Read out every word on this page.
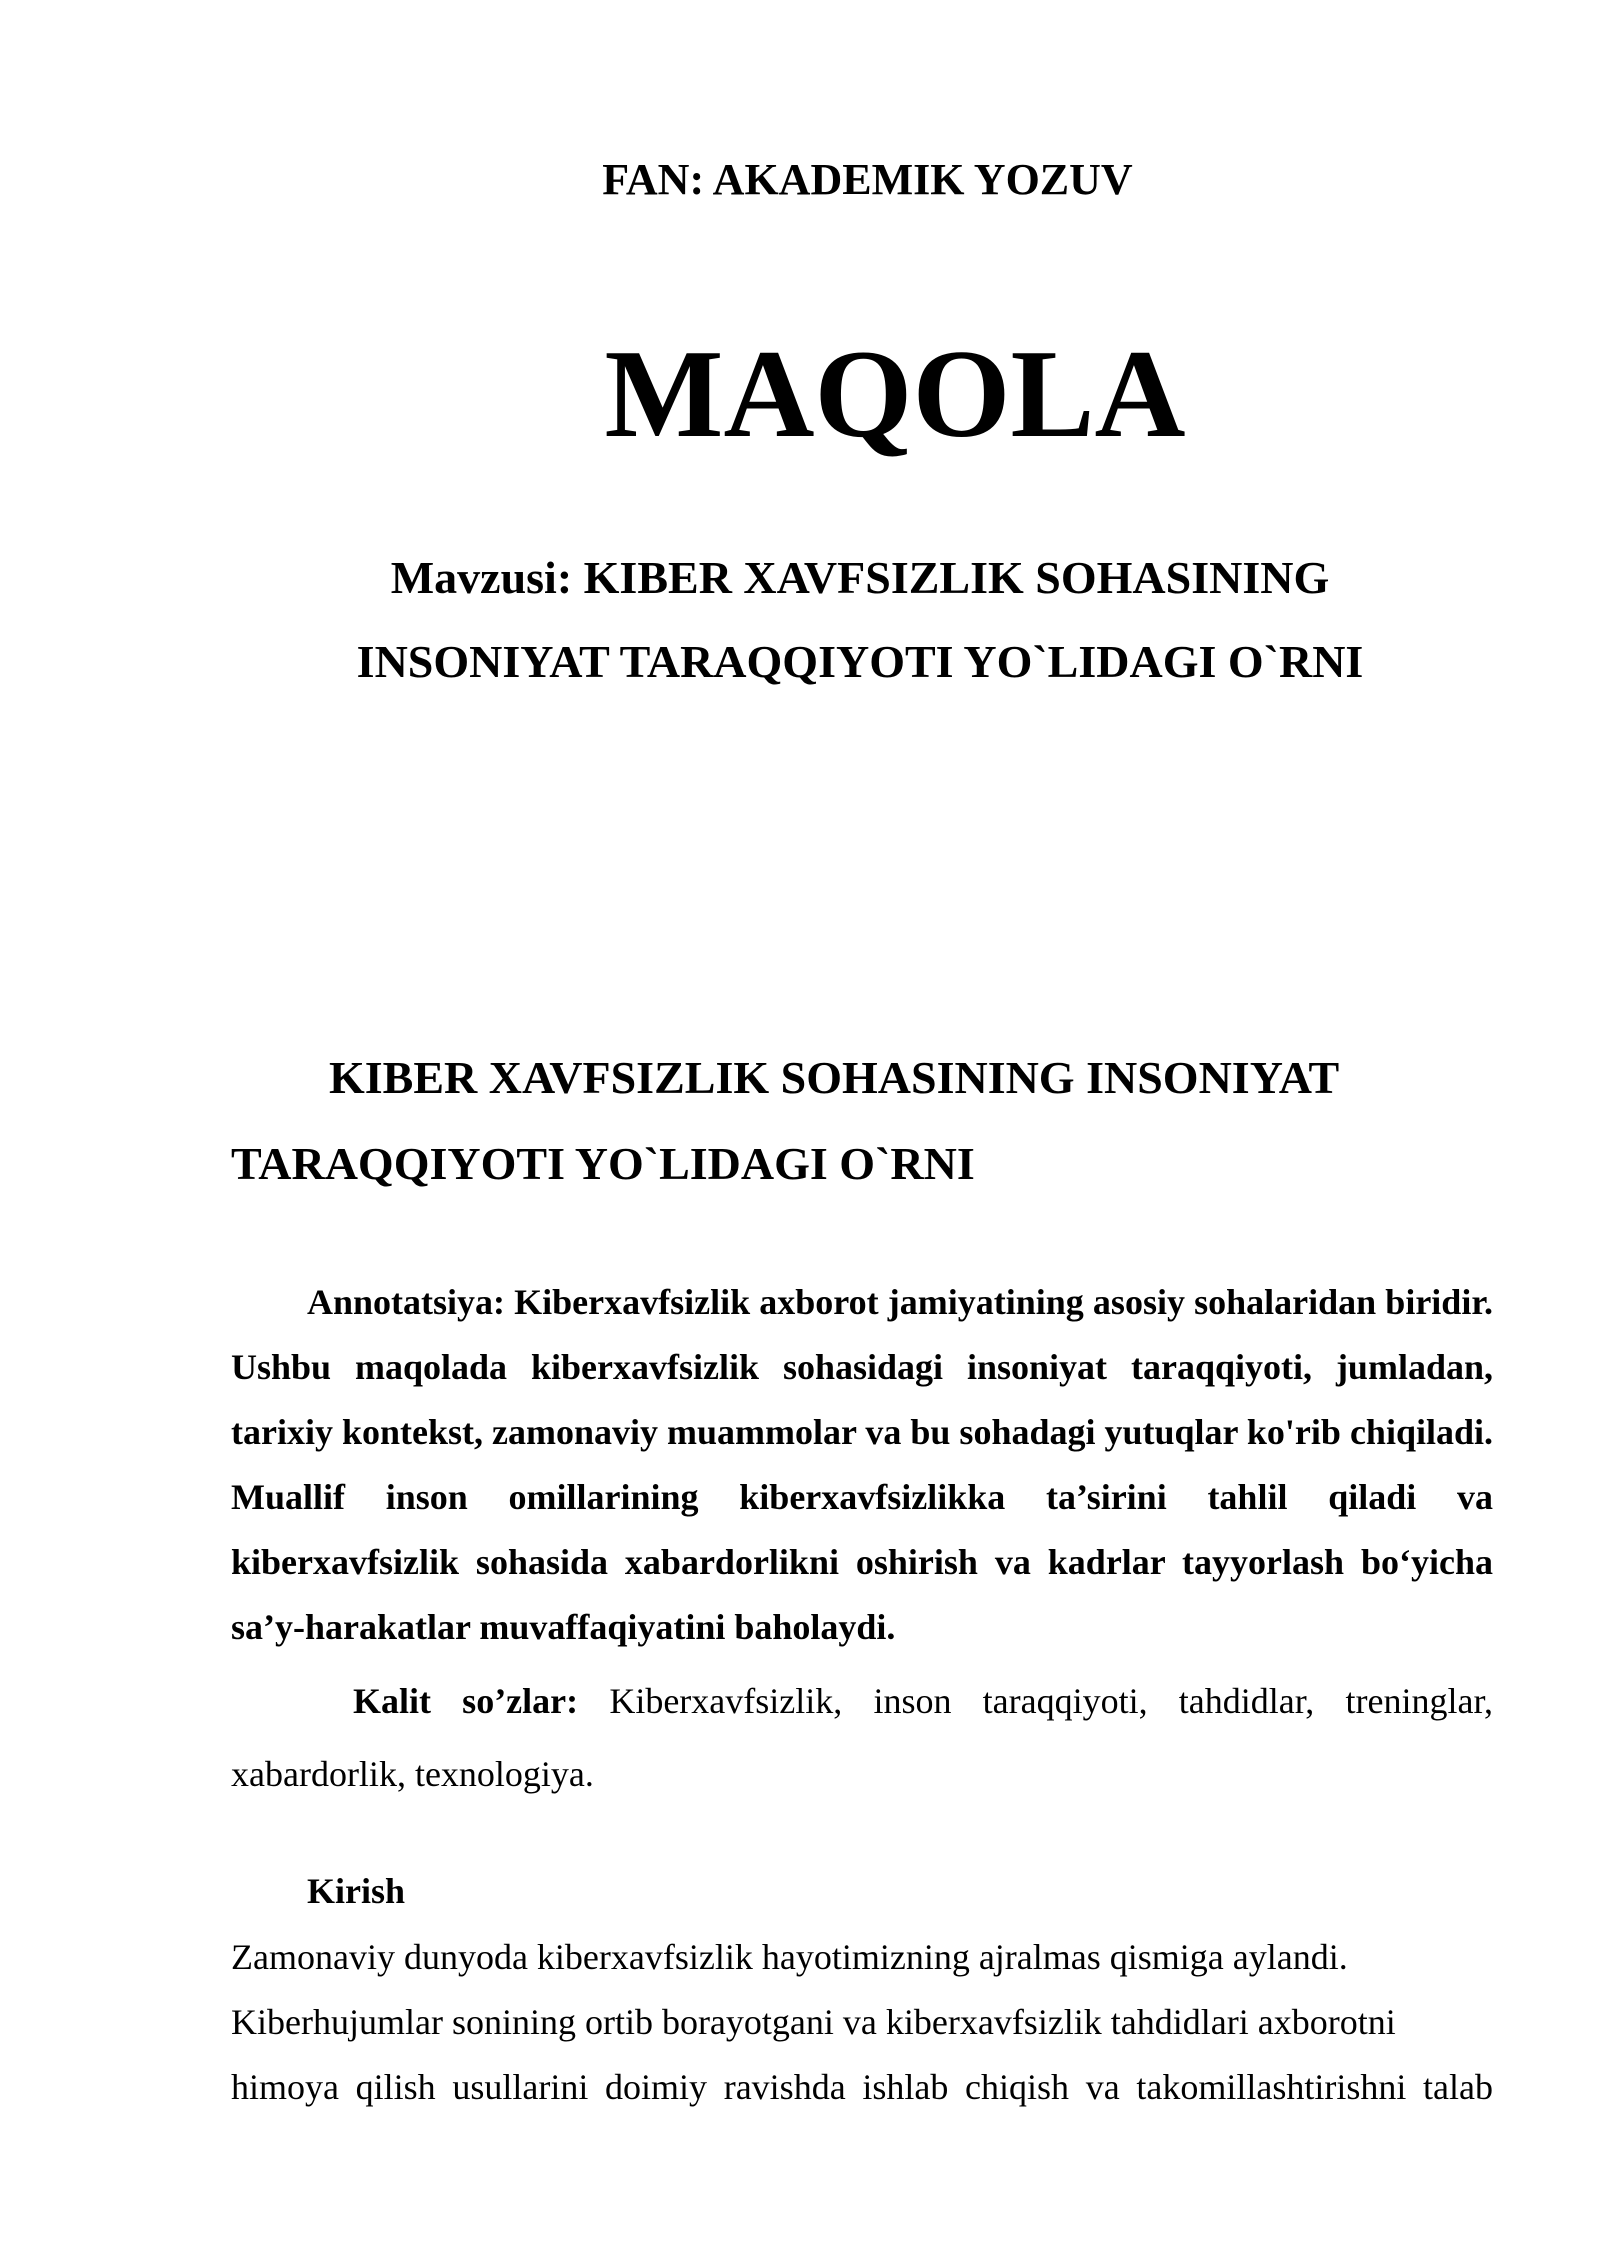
FAN: AKADEMIK YOZUV
MAQOLA
Mavzusi: KIBER XAVFSIZLIK SOHASINING
INSONIYAT TARAQQIYOTI YO`LIDAGI O`RNI
KIBER XAVFSIZLIK SOHASINING INSONIYAT
TARAQQIYOTI YO`LIDAGI O`RNI
Annotatsiya: Kiberxavfsizlik axborot jamiyatining asosiy sohalaridan biridir. Ushbu maqolada kiberxavfsizlik sohasidagi insoniyat taraqqiyoti, jumladan, tarixiy kontekst, zamonaviy muammolar va bu sohadagi yutuqlar ko'rib chiqiladi. Muallif inson omillarining kiberxavfsizlikka ta’sirini tahlil qiladi va kiberxavfsizlik sohasida xabardorlikni oshirish va kadrlar tayyorlash bo‘yicha sa’y-harakatlar muvaffaqiyatini baholaydi.
Kalit so’zlar: Kiberxavfsizlik, inson taraqqiyoti, tahdidlar, treninglar, xabardorlik, texnologiya.
Kirish
Zamonaviy dunyoda kiberxavfsizlik hayotimizning ajralmas qismiga aylandi.
Kiberhujumlar sonining ortib borayotgani va kiberxavfsizlik tahdidlari axborotni
himoya qilish usullarini doimiy ravishda ishlab chiqish va takomillashtirishni talab
